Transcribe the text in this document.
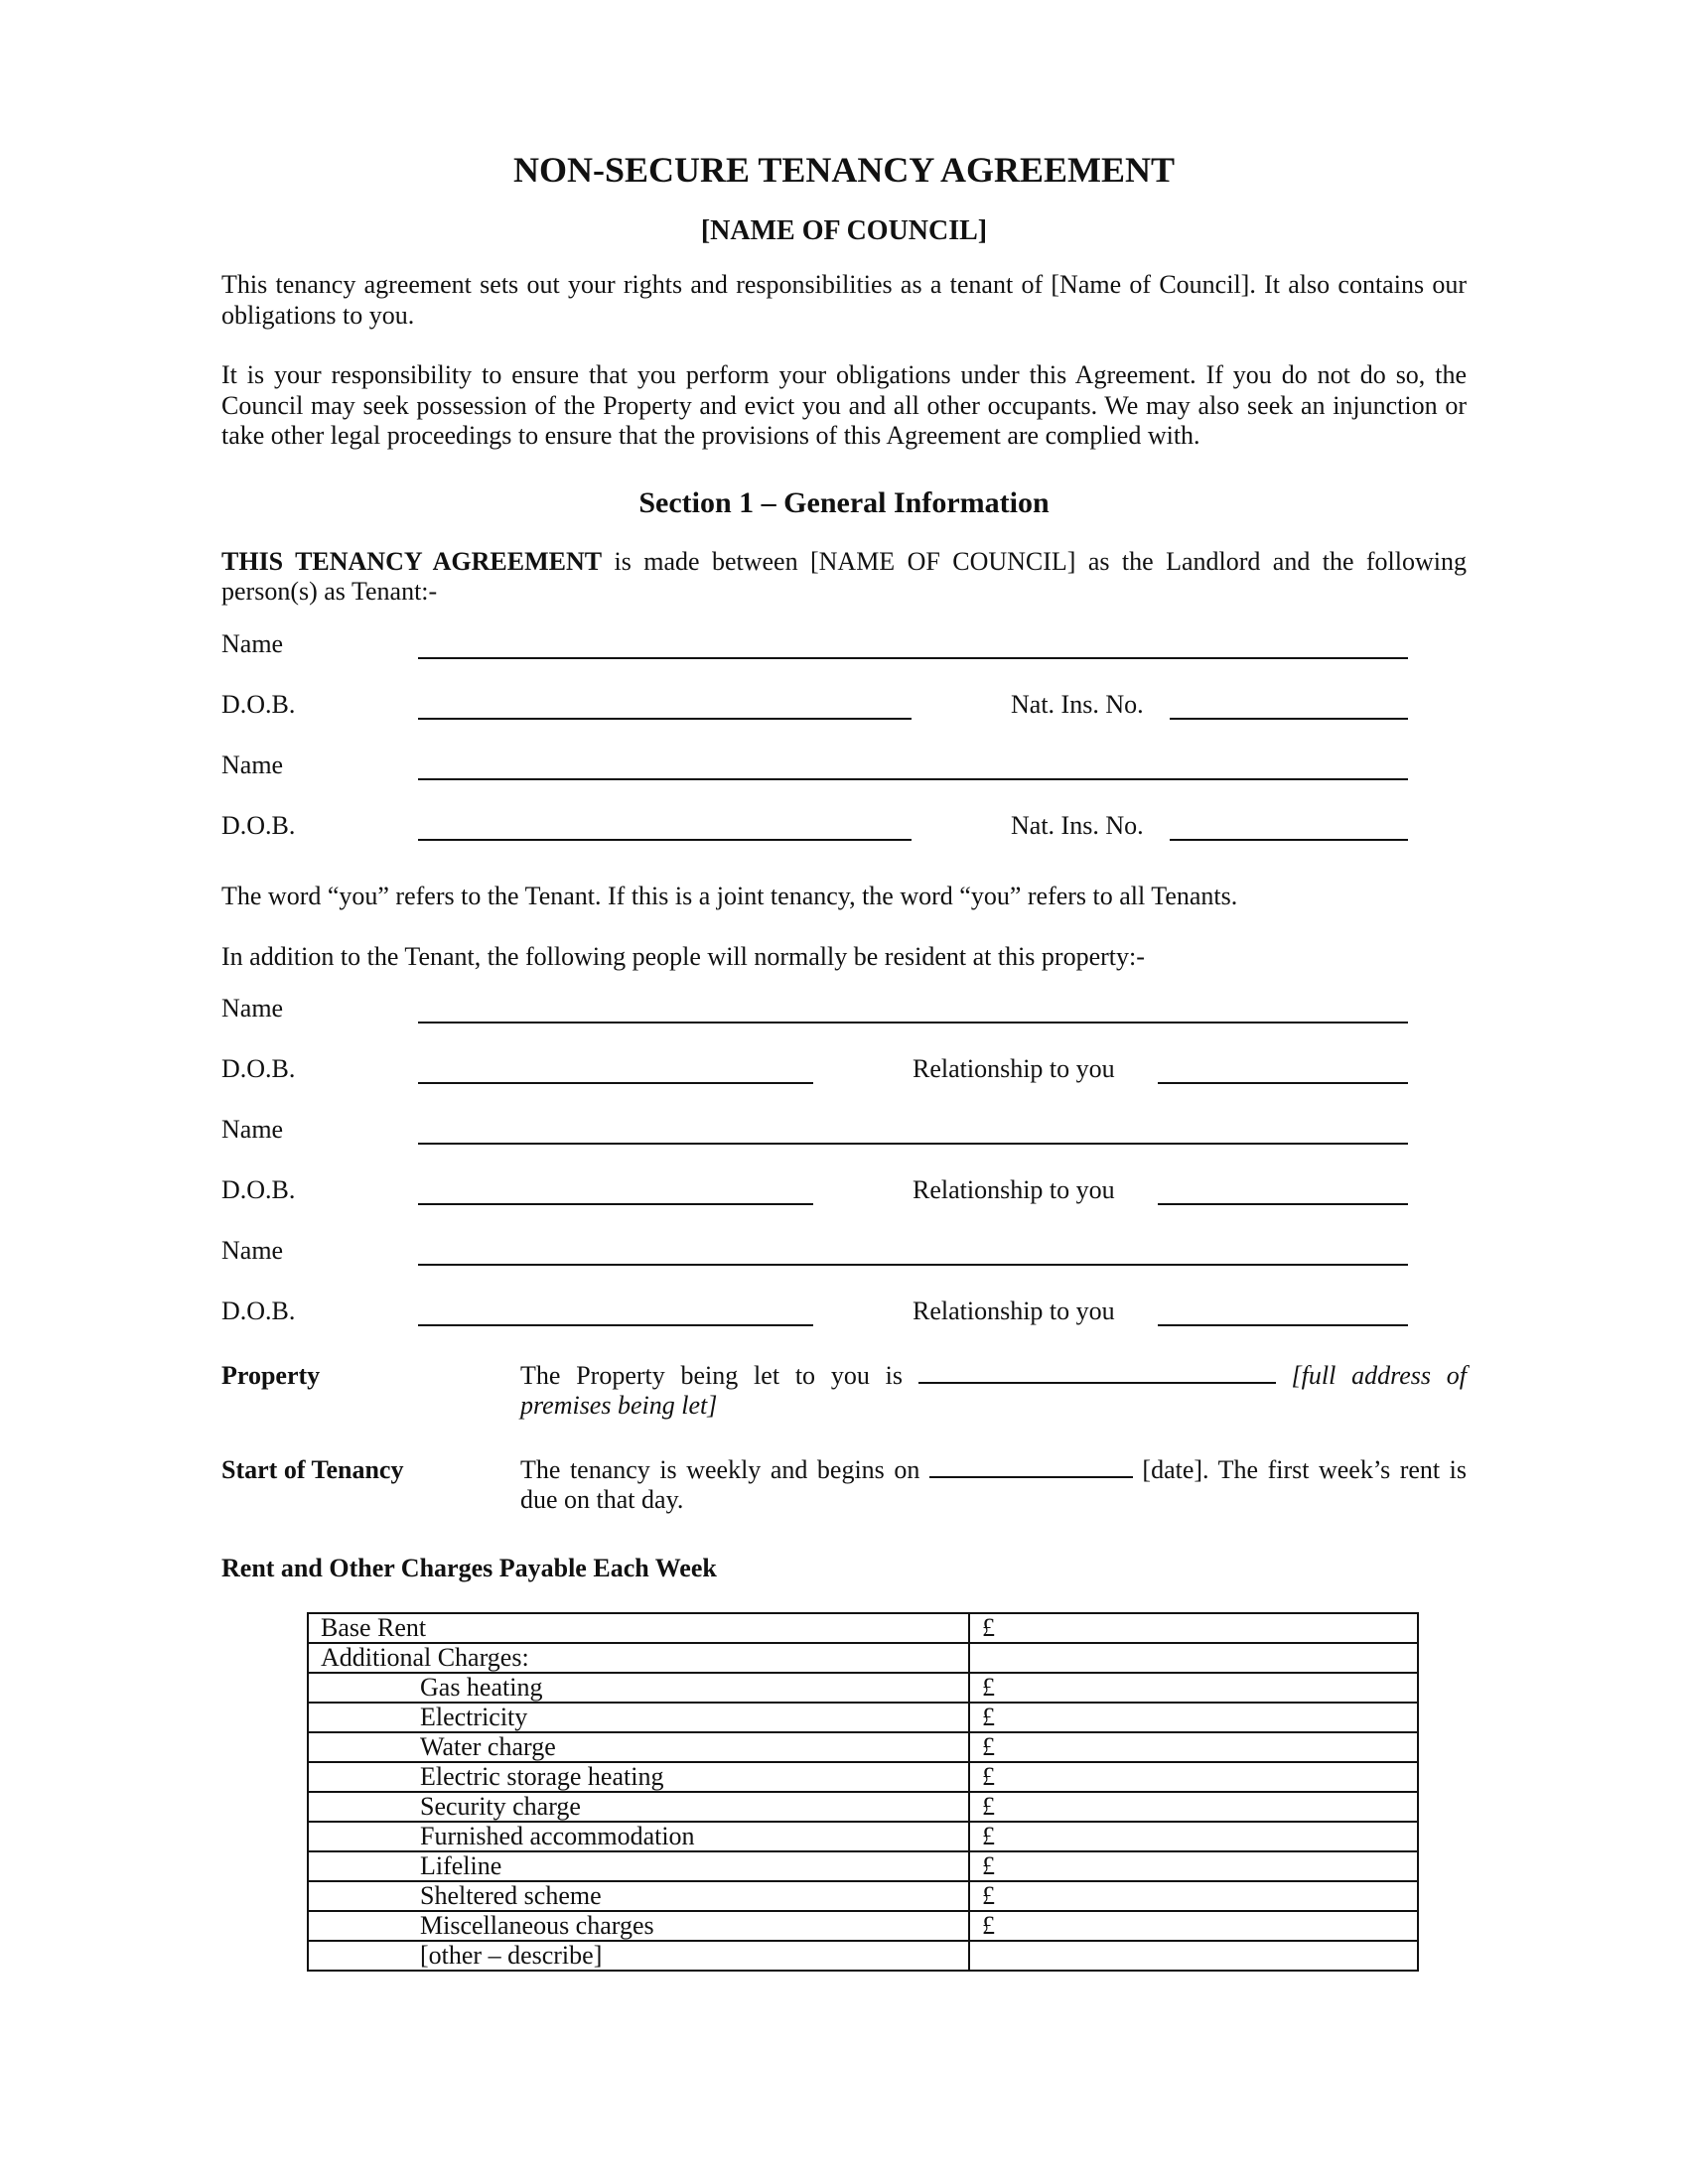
NON-SECURE TENANCY AGREEMENT
[NAME OF COUNCIL]

This tenancy agreement sets out your rights and responsibilities as a tenant of [Name of Council]. It also contains our obligations to you.

It is your responsibility to ensure that you perform your obligations under this Agreement. If you do not do so, the Council may seek possession of the Property and evict you and all other occupants. We may also seek an injunction or take other legal proceedings to ensure that the provisions of this Agreement are complied with.

Section 1 – General Information

THIS TENANCY AGREEMENT is made between [NAME OF COUNCIL] as the Landlord and the following person(s) as Tenant:-

Name
D.O.B.	Nat. Ins. No.
Name
D.O.B.	Nat. Ins. No.

The word “you” refers to the Tenant. If this is a joint tenancy, the word “you” refers to all Tenants.

In addition to the Tenant, the following people will normally be resident at this property:-

Name
D.O.B.	Relationship to you
Name
D.O.B.	Relationship to you
Name
D.O.B.	Relationship to you
Property	The Property being let to you is	[full address of premises being let]
Start of Tenancy	The tenancy is weekly and begins on	[date]. The first week’s rent is due on that day.

Rent and Other Charges Payable Each Week

Base Rent	£
Additional Charges:	
Gas heating	£
Electricity	£
Water charge	£
Electric storage heating	£
Security charge	£
Furnished accommodation	£
Lifeline	£
Sheltered scheme	£
Miscellaneous charges	£
[other – describe]	
